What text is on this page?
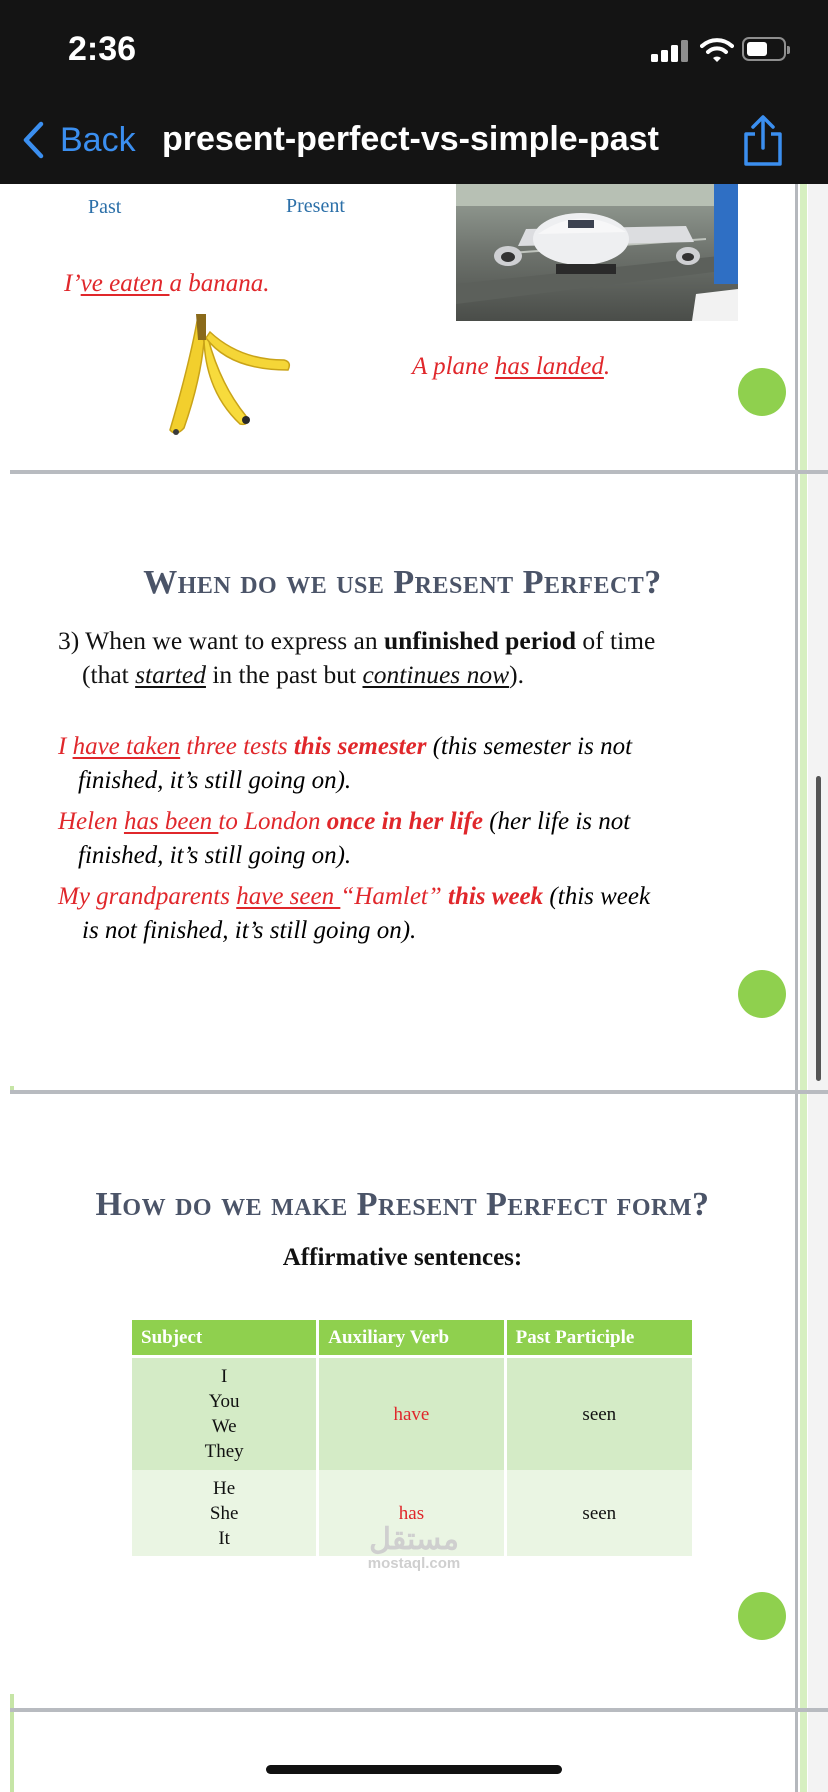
2:36
Back present-perfect-vs-simple-past
Past	Present
I’ve eaten a banana.
A plane has landed.
When do we use Present Perfect?
3) When we want to express an unfinished period of time
(that started in the past but continues now).
I have taken three tests this semester (this semester is not
finished, it’s still going on).
Helen has been to London once in her life (her life is not
finished, it’s still going on).
My grandparents have seen “Hamlet” this week (this week
is not finished, it’s still going on).
How do we make Present Perfect form?
Affirmative sentences:
Subject	Auxiliary Verb	Past Participle

I
You
We
They	have	seen

He
She
It	has	seen
مستقل
mostaql.com
